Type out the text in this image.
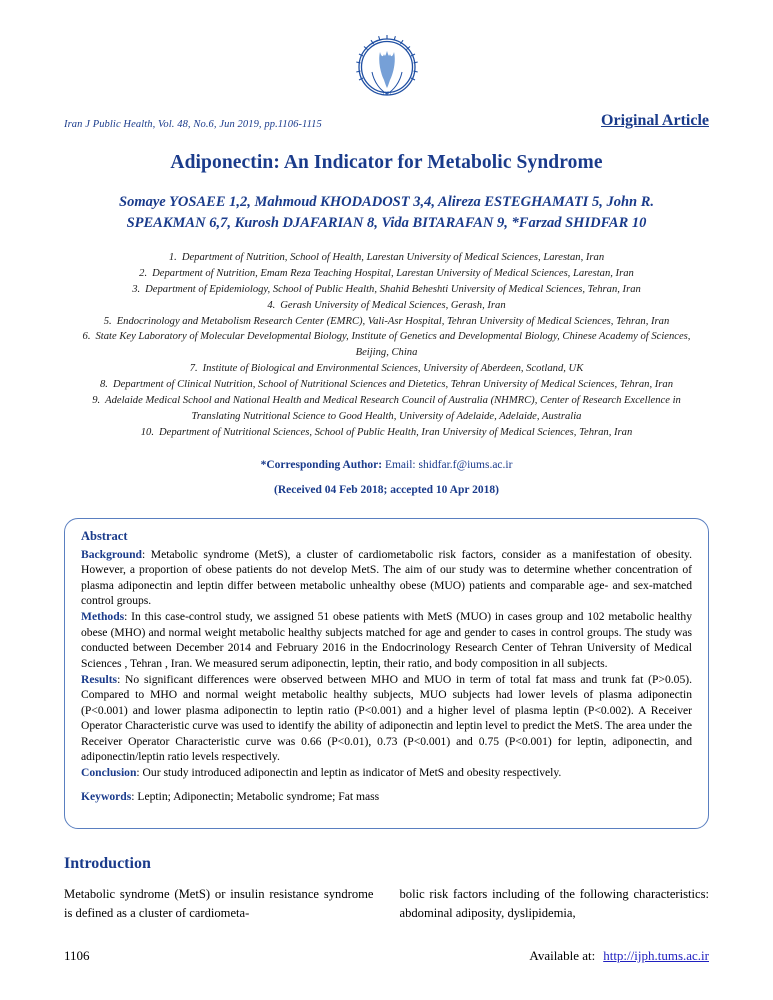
1971
Iran J Public Health, Vol. 48, No.6, Jun 2019, pp.1106-1115	Original Article
Adiponectin: An Indicator for Metabolic Syndrome
Somaye YOSAEE 1,2, Mahmoud KHODADOST 3,4, Alireza ESTEGHAMATI 5, John R.
SPEAKMAN 6,7, Kurosh DJAFARIAN 8, Vida BITARAFAN 9, *Farzad SHIDFAR 10
1. Department of Nutrition, School of Health, Larestan University of Medical Sciences, Larestan, Iran
2. Department of Nutrition, Emam Reza Teaching Hospital, Larestan University of Medical Sciences, Larestan, Iran
3. Department of Epidemiology, School of Public Health, Shahid Beheshti University of Medical Sciences, Tehran, Iran
4. Gerash University of Medical Sciences, Gerash, Iran
5. Endocrinology and Metabolism Research Center (EMRC), Vali-Asr Hospital, Tehran University of Medical Sciences, Tehran, Iran
6. State Key Laboratory of Molecular Developmental Biology, Institute of Genetics and Developmental Biology, Chinese Academy of Sciences, Beijing, China
7. Institute of Biological and Environmental Sciences, University of Aberdeen, Scotland, UK
8. Department of Clinical Nutrition, School of Nutritional Sciences and Dietetics, Tehran University of Medical Sciences, Tehran, Iran
9. Adelaide Medical School and National Health and Medical Research Council of Australia (NHMRC), Center of Research Excellence in Translating Nutritional Science to Good Health, University of Adelaide, Adelaide, Australia
10. Department of Nutritional Sciences, School of Public Health, Iran University of Medical Sciences, Tehran, Iran
*Corresponding Author: Email: shidfar.f@iums.ac.ir
(Received 04 Feb 2018; accepted 10 Apr 2018)
Abstract

Background: Metabolic syndrome (MetS), a cluster of cardiometabolic risk factors, consider as a manifestation of obesity. However, a proportion of obese patients do not develop MetS. The aim of our study was to determine whether concentration of plasma adiponectin and leptin differ between metabolic unhealthy obese (MUO) patients and comparable age- and sex-matched control groups.

Methods: In this case-control study, we assigned 51 obese patients with MetS (MUO) in cases group and 102 metabolic healthy obese (MHO) and normal weight metabolic healthy subjects matched for age and gender to cases in control groups. The study was conducted between December 2014 and February 2016 in the Endocrinology Research Center of Tehran University of Medical Sciences , Tehran , Iran. We measured serum adiponectin, leptin, their ratio, and body composition in all subjects.

Results: No significant differences were observed between MHO and MUO in term of total fat mass and trunk fat (P>0.05). Compared to MHO and normal weight metabolic healthy subjects, MUO subjects had lower levels of plasma adiponectin (P<0.001) and lower plasma adiponectin to leptin ratio (P<0.001) and a higher level of plasma leptin (P<0.002). A Receiver Operator Characteristic curve was used to identify the ability of adiponectin and leptin level to predict the MetS. The area under the Receiver Operator Characteristic curve was 0.66 (P<0.01), 0.73 (P<0.001) and 0.75 (P<0.001) for leptin, adiponectin, and adiponectin/leptin ratio levels respectively.

Conclusion: Our study introduced adiponectin and leptin as indicator of MetS and obesity respectively.

Keywords: Leptin; Adiponectin; Metabolic syndrome; Fat mass

Introduction
Metabolic syndrome (MetS) or insulin resistance syndrome is defined as a cluster of cardiometa-
bolic risk factors including of the following characteristics: abdominal adiposity, dyslipidemia,
1106	Available at: http://ijph.tums.ac.ir
